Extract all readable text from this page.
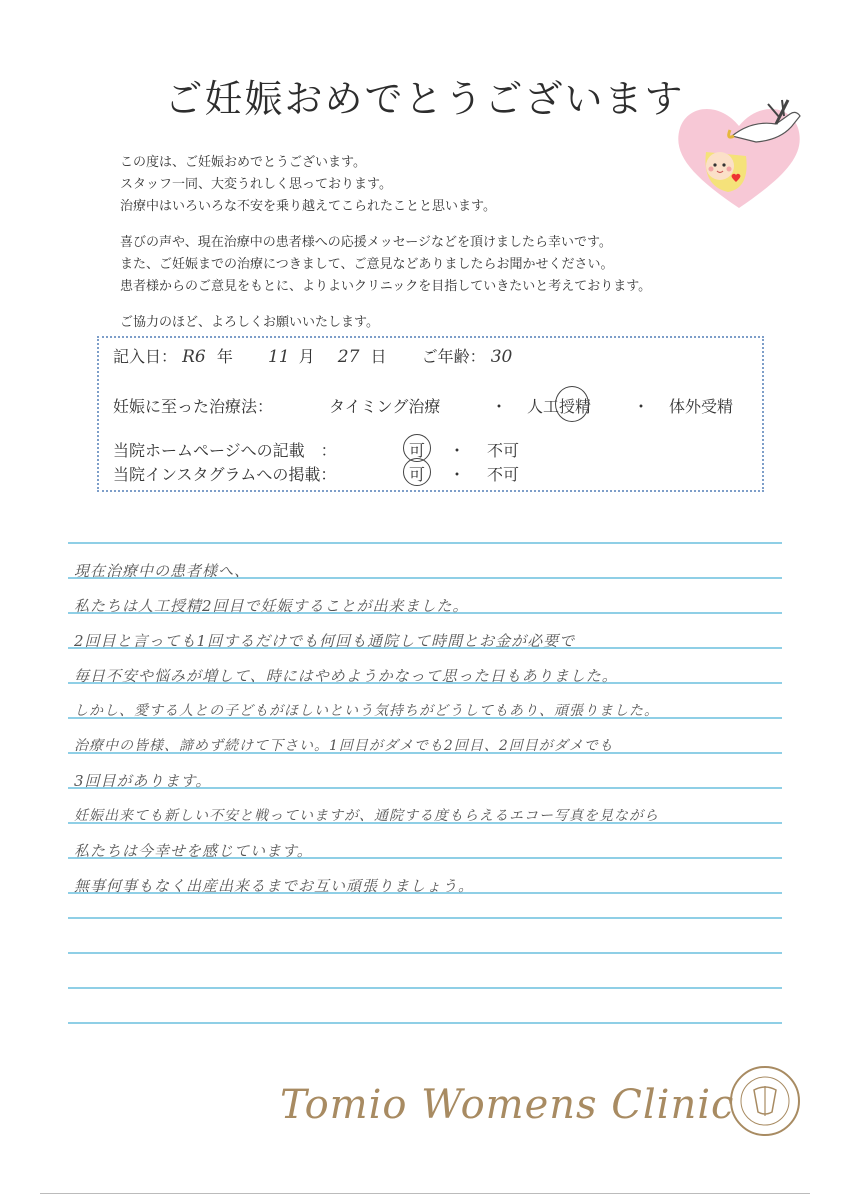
ご妊娠おめでとうございます
この度は、ご妊娠おめでとうございます。
スタッフ一同、大変うれしく思っております。
治療中はいろいろな不安を乗り越えてこられたことと思います。
喜びの声や、現在治療中の患者様への応援メッセージなどを頂けましたら幸いです。
また、ご妊娠までの治療につきまして、ご意見などありましたらお聞かせください。
患者様からのご意見をもとに、よりよいクリニックを目指していきたいと考えております。
ご協力のほど、よろしくお願いいたします。
記入日： R6 年 11 月 27 日 ご年齢： 30
妊娠に至った治療法：	タイミング治療	・ 人工授精	・ 体外受精
当院ホームページへの記載　：	可 ・ 不可
当院インスタグラムへの掲載：	可 ・ 不可
現在治療中の患者様へ、
私たちは人工授精2回目で妊娠することが出来ました。
2回目と言っても1回するだけでも何回も通院して時間とお金が必要で
毎日不安や悩みが増して、時にはやめようかなって思った日もありました。
しかし、愛する人との子どもがほしいという気持ちがどうしてもあり、頑張りました。
治療中の皆様、諦めず続けて下さい。1回目がダメでも2回目、2回目がダメでも
3回目があります。
妊娠出来ても新しい不安と戦っていますが、通院する度もらえるエコー写真を見ながら
私たちは今幸せを感じています。
無事何事もなく出産出来るまでお互い頑張りましょう。
Tomio Womens Clinic
